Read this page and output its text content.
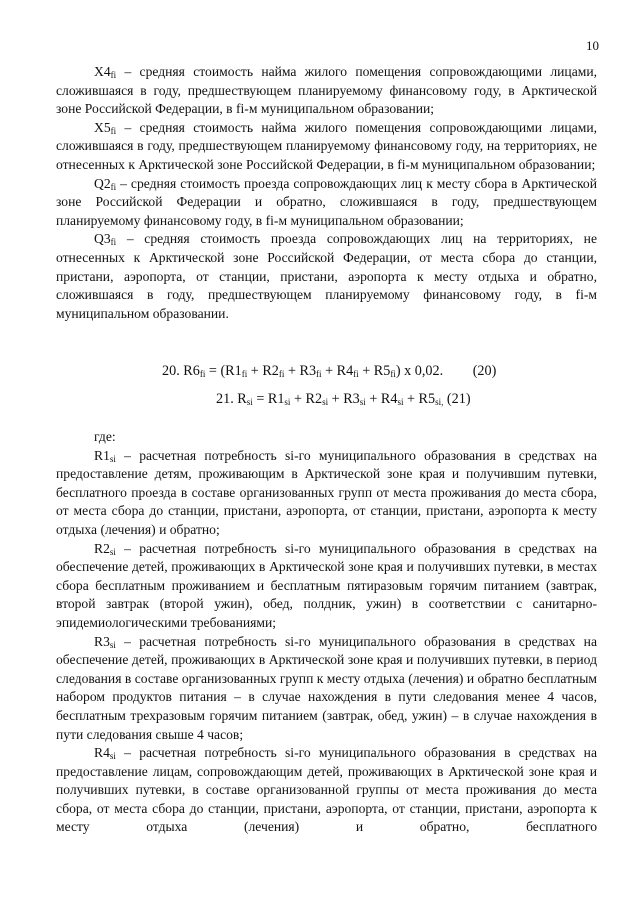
10

$X4_{fi}$ – средняя стоимость найма жилого помещения сопровождающими лицами, сложившаяся в году, предшествующем планируемому финансовому году, в Арктической зоне Российской Федерации, в fi-м муниципальном образовании;

$X5_{fi}$ – средняя стоимость найма жилого помещения сопровождающими лицами, сложившаяся в году, предшествующем планируемому финансовому году, на территориях, не отнесенных к Арктической зоне Российской Федерации, в fi-м муниципальном образовании;

$Q2_{fi}$ – средняя стоимость проезда сопровождающих лиц к месту сбора в Арктической зоне Российской Федерации и обратно, сложившаяся в году, предшествующем планируемому финансовому году, в fi-м муниципальном образовании;

$Q3_{fi}$ – средняя стоимость проезда сопровождающих лиц на территориях, не отнесенных к Арктической зоне Российской Федерации, от места сбора до станции, пристани, аэропорта, от станции, пристани, аэропорта к месту отдыха и обратно, сложившаяся в году, предшествующем планируемому финансовому году, в fi-м муниципальном образовании.

20. $R6_{fi} = (R1_{fi} + R2_{fi} + R3_{fi} + R4_{fi} + R5_{fi})$ x 0,02. (20)
21. $R_{si} = R1_{si} + R2_{si} + R3_{si} + R4_{si} + R5_{si,}$ (21)

где:

$R1_{si}$ – расчетная потребность si-го муниципального образования в средствах на предоставление детям, проживающим в Арктической зоне края и получившим путевки, бесплатного проезда в составе организованных групп от места проживания до места сбора, от места сбора до станции, пристани, аэропорта, от станции, пристани, аэропорта к месту отдыха (лечения) и обратно;

$R2_{si}$ – расчетная потребность si-го муниципального образования в средствах на обеспечение детей, проживающих в Арктической зоне края и получивших путевки, в местах сбора бесплатным проживанием и бесплатным пятиразовым горячим питанием (завтрак, второй завтрак (второй ужин), обед, полдник, ужин) в соответствии с санитарно-эпидемиологическими требованиями;

$R3_{si}$ – расчетная потребность si-го муниципального образования в средствах на обеспечение детей, проживающих в Арктической зоне края и получивших путевки, в период следования в составе организованных групп к месту отдыха (лечения) и обратно бесплатным набором продуктов питания – в случае нахождения в пути следования менее 4 часов, бесплатным трехразовым горячим питанием (завтрак, обед, ужин) – в случае нахождения в пути следования свыше 4 часов;

$R4_{si}$ – расчетная потребность si-го муниципального образования в средствах на предоставление лицам, сопровождающим детей, проживающих в Арктической зоне края и получивших путевки, в составе организованной группы от места проживания до места сбора, от места сбора до станции, пристани, аэропорта, от станции, пристани, аэропорта к месту отдыха (лечения) и обратно, бесплатного
